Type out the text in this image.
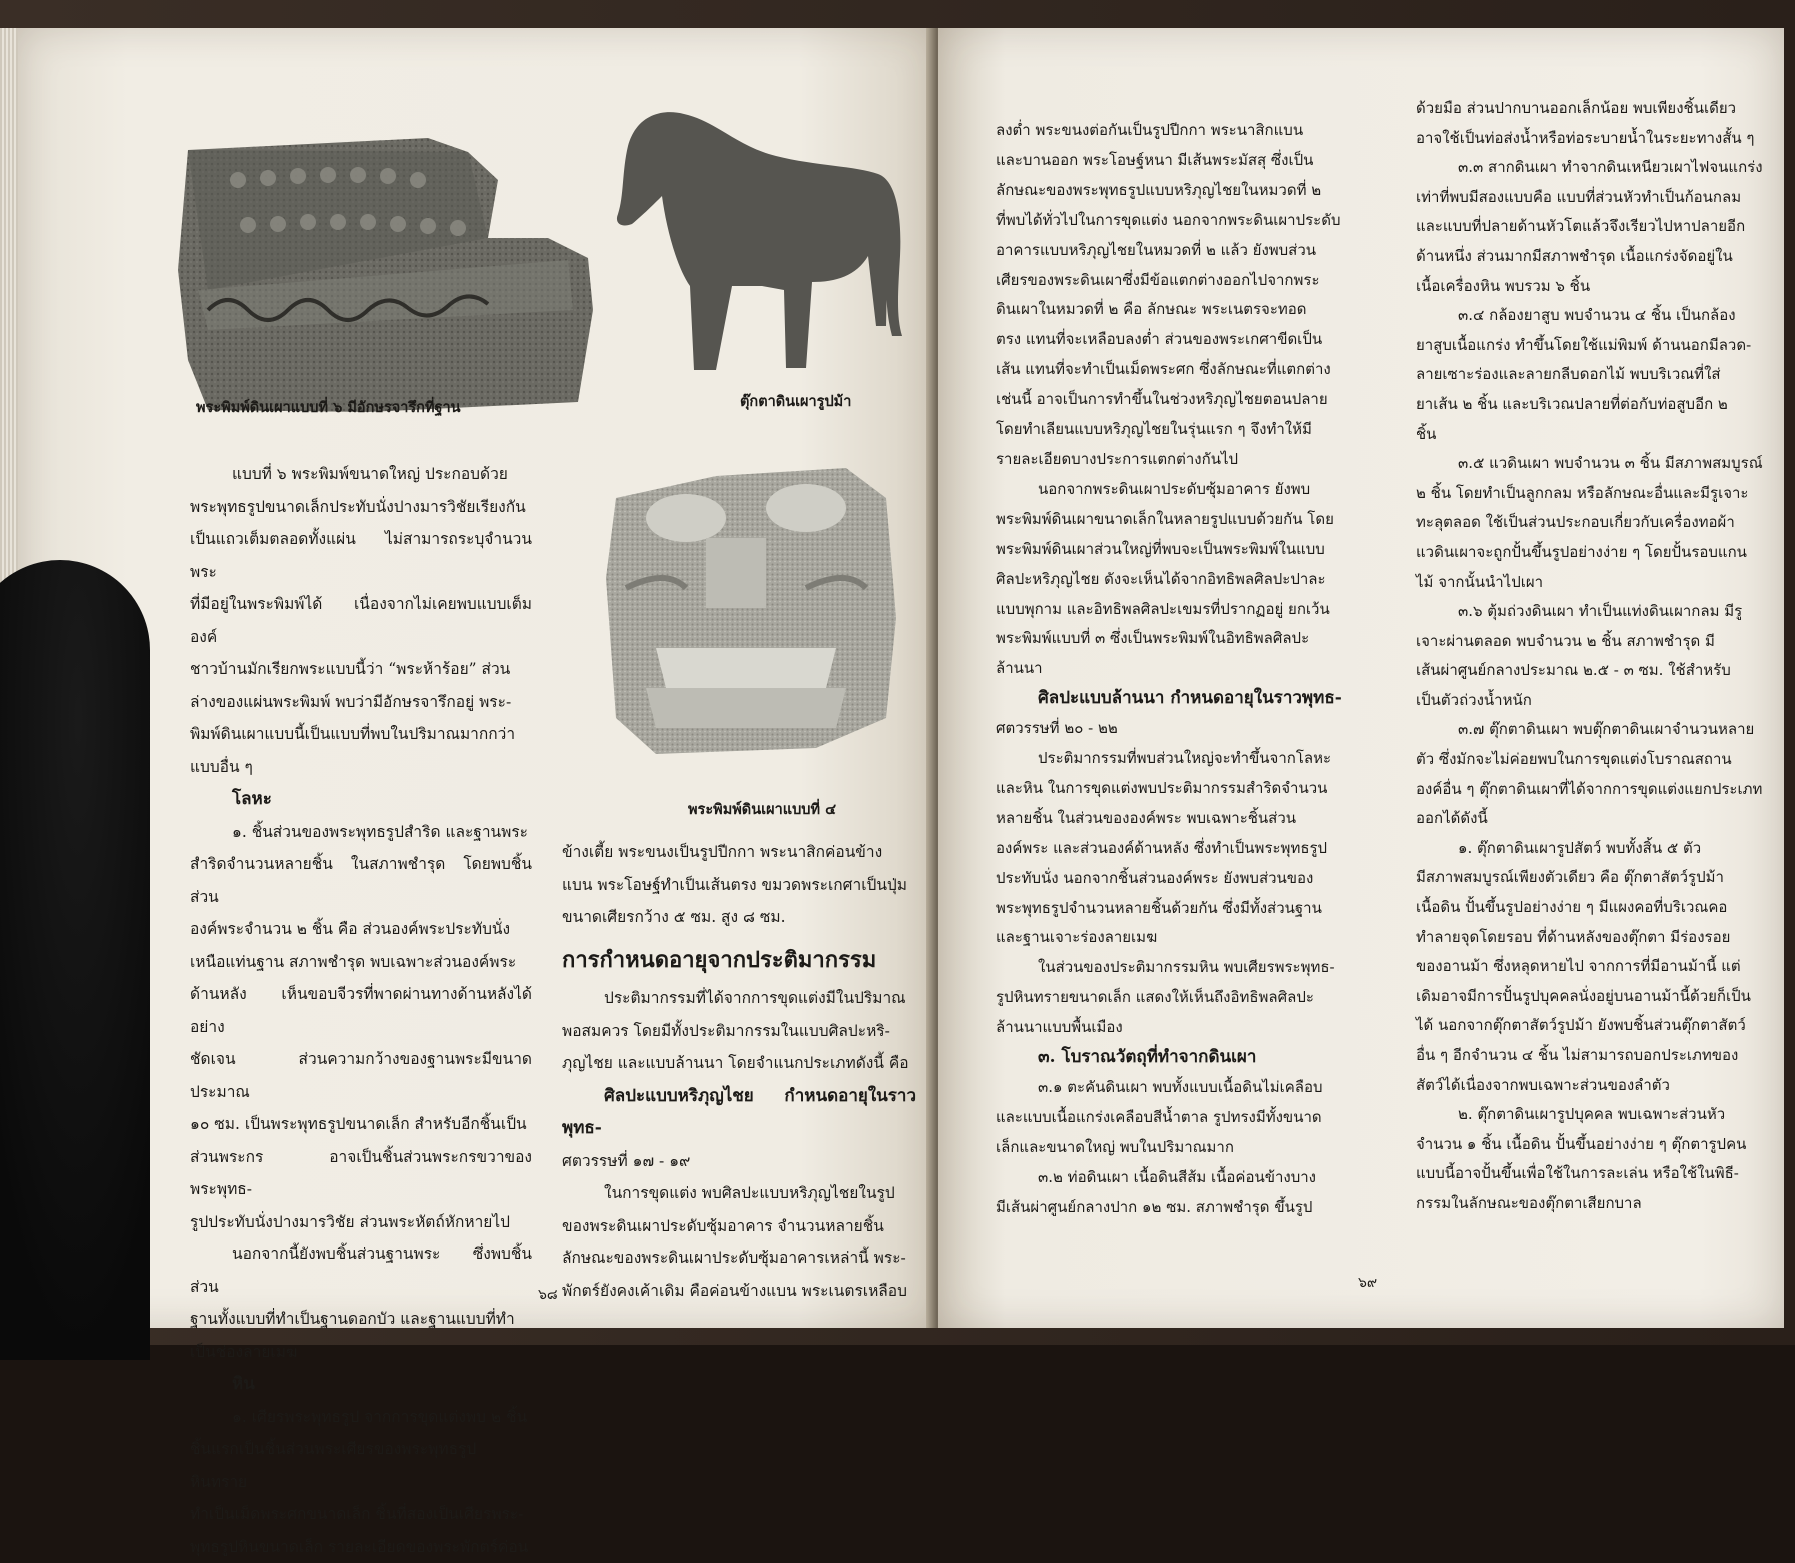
พระพิมพ์ดินเผาแบบที่ ๖ มีอักษรจารึกที่ฐาน	ตุ๊กตาดินเผารูปม้า
พระพิมพ์ดินเผาแบบที่ ๔

แบบที่ ๖ พระพิมพ์ขนาดใหญ่ ประกอบด้วย

พระพุทธรูปขนาดเล็กประทับนั่งปางมารวิชัยเรียงกัน

เป็นแถวเต็มตลอดทั้งแผ่น ไม่สามารถระบุจำนวนพระ

ที่มีอยู่ในพระพิมพ์ได้ เนื่องจากไม่เคยพบแบบเต็มองค์

ชาวบ้านมักเรียกพระแบบนี้ว่า “พระห้าร้อย” ส่วน

ล่างของแผ่นพระพิมพ์ พบว่ามีอักษรจารึกอยู่ พระ-

พิมพ์ดินเผาแบบนี้เป็นแบบที่พบในปริมาณมากกว่า

แบบอื่น ๆ

โลหะ

๑. ชิ้นส่วนของพระพุทธรูปสำริด และฐานพระ

สำริดจำนวนหลายชิ้น ในสภาพชำรุด โดยพบชิ้นส่วน

องค์พระจำนวน ๒ ชิ้น คือ ส่วนองค์พระประทับนั่ง

เหนือแท่นฐาน สภาพชำรุด พบเฉพาะส่วนองค์พระ

ด้านหลัง เห็นขอบจีวรที่พาดผ่านทางด้านหลังได้อย่าง

ชัดเจน ส่วนความกว้างของฐานพระมีขนาดประมาณ

๑๐ ซม. เป็นพระพุทธรูปขนาดเล็ก สำหรับอีกชิ้นเป็น

ส่วนพระกร อาจเป็นชิ้นส่วนพระกรขวาของพระพุทธ-

รูปประทับนั่งปางมารวิชัย ส่วนพระหัตถ์หักหายไป

นอกจากนี้ยังพบชิ้นส่วนฐานพระ ซึ่งพบชิ้นส่วน

ฐานทั้งแบบที่ทำเป็นฐานดอกบัว และฐานแบบที่ทำ

เป็นช่องลายเมฆ

หิน

๑. เศียรพระพุทธรูป จากการขุดแต่งพบ ๒ ชิ้น

ชิ้นแรกเป็นชิ้นส่วนพระเศียรของพระพุทธรูปหินทราย

ทำเป็นเม็ดพระศกขนาดเล็ก ชิ้นที่สองเป็นเศียรพระ-

พุทธรูปหินขนาดเล็ก รายละเอียดของพระพักตร์ค่อน

ข้างเตี้ย พระขนงเป็นรูปปีกกา พระนาสิกค่อนข้าง

แบน พระโอษฐ์ทำเป็นเส้นตรง ขมวดพระเกศาเป็นปุ่ม

ขนาดเศียรกว้าง ๕ ซม. สูง ๘ ซม.

การกำหนดอายุจากประติมากรรม

ประติมากรรมที่ได้จากการขุดแต่งมีในปริมาณ

พอสมควร โดยมีทั้งประติมากรรมในแบบศิลปะหริ-

ภุญไชย และแบบล้านนา โดยจำแนกประเภทดังนี้ คือ

ศิลปะแบบหริภุญไชย กำหนดอายุในราวพุทธ-

ศตวรรษที่ ๑๗ - ๑๙

ในการขุดแต่ง พบศิลปะแบบหริภุญไชยในรูป

ของพระดินเผาประดับซุ้มอาคาร จำนวนหลายชิ้น

ลักษณะของพระดินเผาประดับซุ้มอาคารเหล่านี้ พระ-

พักตร์ยังคงเค้าเดิม คือค่อนข้างแบน พระเนตรเหลือบ

๖๘

ลงต่ำ พระขนงต่อกันเป็นรูปปีกกา พระนาสิกแบน

และบานออก พระโอษฐ์หนา มีเส้นพระมัสสุ ซึ่งเป็น

ลักษณะของพระพุทธรูปแบบหริภุญไชยในหมวดที่ ๒

ที่พบได้ทั่วไปในการขุดแต่ง นอกจากพระดินเผาประดับ

อาคารแบบหริภุญไชยในหมวดที่ ๒ แล้ว ยังพบส่วน

เศียรของพระดินเผาซึ่งมีข้อแตกต่างออกไปจากพระ

ดินเผาในหมวดที่ ๒ คือ ลักษณะ พระเนตรจะทอด

ตรง แทนที่จะเหลือบลงต่ำ ส่วนของพระเกศาขีดเป็น

เส้น แทนที่จะทำเป็นเม็ดพระศก ซึ่งลักษณะที่แตกต่าง

เช่นนี้ อาจเป็นการทำขึ้นในช่วงหริภุญไชยตอนปลาย

โดยทำเลียนแบบหริภุญไชยในรุ่นแรก ๆ จึงทำให้มี

รายละเอียดบางประการแตกต่างกันไป

นอกจากพระดินเผาประดับซุ้มอาคาร ยังพบ

พระพิมพ์ดินเผาขนาดเล็กในหลายรูปแบบด้วยกัน โดย

พระพิมพ์ดินเผาส่วนใหญ่ที่พบจะเป็นพระพิมพ์ในแบบ

ศิลปะหริภุญไชย ดังจะเห็นได้จากอิทธิพลศิลปะปาละ

แบบพุกาม และอิทธิพลศิลปะเขมรที่ปรากฏอยู่ ยกเว้น

พระพิมพ์แบบที่ ๓ ซึ่งเป็นพระพิมพ์ในอิทธิพลศิลปะ

ล้านนา

ศิลปะแบบล้านนา กำหนดอายุในราวพุทธ-

ศตวรรษที่ ๒๐ - ๒๒

ประติมากรรมที่พบส่วนใหญ่จะทำขึ้นจากโลหะ

และหิน ในการขุดแต่งพบประติมากรรมสำริดจำนวน

หลายชิ้น ในส่วนขององค์พระ พบเฉพาะชิ้นส่วน

องค์พระ และส่วนองค์ด้านหลัง ซึ่งทำเป็นพระพุทธรูป

ประทับนั่ง นอกจากชิ้นส่วนองค์พระ ยังพบส่วนของ

พระพุทธรูปจำนวนหลายชิ้นด้วยกัน ซึ่งมีทั้งส่วนฐาน

และฐานเจาะร่องลายเมฆ

ในส่วนของประติมากรรมหิน พบเศียรพระพุทธ-

รูปหินทรายขนาดเล็ก แสดงให้เห็นถึงอิทธิพลศิลปะ

ล้านนาแบบพื้นเมือง

๓. โบราณวัตถุที่ทำจากดินเผา

๓.๑ ตะคันดินเผา พบทั้งแบบเนื้อดินไม่เคลือบ

และแบบเนื้อแกร่งเคลือบสีน้ำตาล รูปทรงมีทั้งขนาด

เล็กและขนาดใหญ่ พบในปริมาณมาก

๓.๒ ท่อดินเผา เนื้อดินสีส้ม เนื้อค่อนข้างบาง

มีเส้นผ่าศูนย์กลางปาก ๑๒ ซม. สภาพชำรุด ขึ้นรูป

ด้วยมือ ส่วนปากบานออกเล็กน้อย พบเพียงชิ้นเดียว

อาจใช้เป็นท่อส่งน้ำหรือท่อระบายน้ำในระยะทางสั้น ๆ

๓.๓ สากดินเผา ทำจากดินเหนียวเผาไฟจนแกร่ง

เท่าที่พบมีสองแบบคือ แบบที่ส่วนหัวทำเป็นก้อนกลม

และแบบที่ปลายด้านหัวโตแล้วจึงเรียวไปหาปลายอีก

ด้านหนึ่ง ส่วนมากมีสภาพชำรุด เนื้อแกร่งจัดอยู่ใน

เนื้อเครื่องหิน พบรวม ๖ ชิ้น

๓.๔ กล้องยาสูบ พบจำนวน ๔ ชิ้น เป็นกล้อง

ยาสูบเนื้อแกร่ง ทำขึ้นโดยใช้แม่พิมพ์ ด้านนอกมีลวด-

ลายเซาะร่องและลายกลีบดอกไม้ พบบริเวณที่ใส่

ยาเส้น ๒ ชิ้น และบริเวณปลายที่ต่อกับท่อสูบอีก ๒

ชิ้น

๓.๕ แวดินเผา พบจำนวน ๓ ชิ้น มีสภาพสมบูรณ์

๒ ชิ้น โดยทำเป็นลูกกลม หรือลักษณะอื่นและมีรูเจาะ

ทะลุตลอด ใช้เป็นส่วนประกอบเกี่ยวกับเครื่องทอผ้า

แวดินเผาจะถูกปั้นขึ้นรูปอย่างง่าย ๆ โดยปั้นรอบแกน

ไม้ จากนั้นนำไปเผา

๓.๖ ตุ้มถ่วงดินเผา ทำเป็นแท่งดินเผากลม มีรู

เจาะผ่านตลอด พบจำนวน ๒ ชิ้น สภาพชำรุด มี

เส้นผ่าศูนย์กลางประมาณ ๒.๕ - ๓ ซม. ใช้สำหรับ

เป็นตัวถ่วงน้ำหนัก

๓.๗ ตุ๊กตาดินเผา พบตุ๊กตาดินเผาจำนวนหลาย

ตัว ซึ่งมักจะไม่ค่อยพบในการขุดแต่งโบราณสถาน

องค์อื่น ๆ ตุ๊กตาดินเผาที่ได้จากการขุดแต่งแยกประเภท

ออกได้ดังนี้

๑. ตุ๊กตาดินเผารูปสัตว์ พบทั้งสิ้น ๕ ตัว

มีสภาพสมบูรณ์เพียงตัวเดียว คือ ตุ๊กตาสัตว์รูปม้า

เนื้อดิน ปั้นขึ้นรูปอย่างง่าย ๆ มีแผงคอที่บริเวณคอ

ทำลายจุดโดยรอบ ที่ด้านหลังของตุ๊กตา มีร่องรอย

ของอานม้า ซึ่งหลุดหายไป จากการที่มีอานม้านี้ แต่

เดิมอาจมีการปั้นรูปบุคคลนั่งอยู่บนอานม้านี้ด้วยก็เป็น

ได้ นอกจากตุ๊กตาสัตว์รูปม้า ยังพบชิ้นส่วนตุ๊กตาสัตว์

อื่น ๆ อีกจำนวน ๔ ชิ้น ไม่สามารถบอกประเภทของ

สัตว์ได้เนื่องจากพบเฉพาะส่วนของลำตัว

๒. ตุ๊กตาดินเผารูปบุคคล พบเฉพาะส่วนหัว

จำนวน ๑ ชิ้น เนื้อดิน ปั้นขึ้นอย่างง่าย ๆ ตุ๊กตารูปคน

แบบนี้อาจปั้นขึ้นเพื่อใช้ในการละเล่น หรือใช้ในพิธี-

กรรมในลักษณะของตุ๊กตาเสียกบาล

๖๙
